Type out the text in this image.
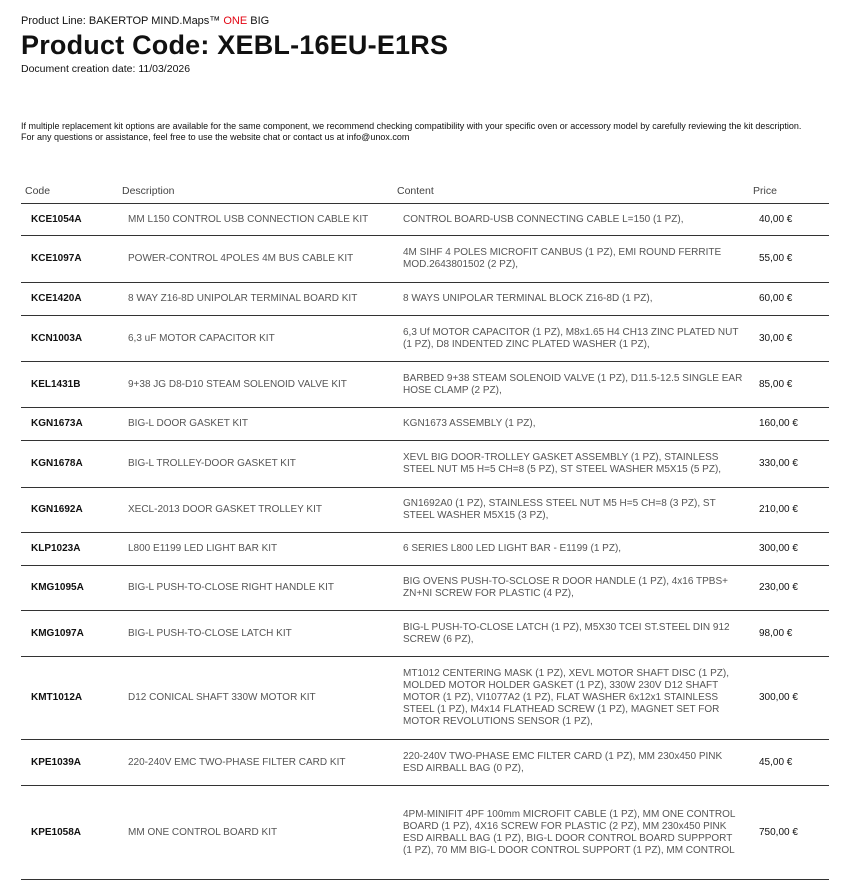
Product Line: BAKERTOP MIND.Maps™ ONE BIG
Product Code: XEBL-16EU-E1RS
Document creation date: 11/03/2026
If multiple replacement kit options are available for the same component, we recommend checking compatibility with your specific oven or accessory model by carefully reviewing the kit description.
For any questions or assistance, feel free to use the website chat or contact us at info@unox.com
Code	Description	Content	Price
KCE1054A	MM L150 CONTROL USB CONNECTION CABLE KIT	CONTROL BOARD-USB CONNECTING CABLE L=150 (1 PZ),	40,00 €
KCE1097A	POWER-CONTROL 4POLES 4M BUS CABLE KIT	4M SIHF 4 POLES MICROFIT CANBUS (1 PZ), EMI ROUND FERRITE MOD.2643801502 (2 PZ),	55,00 €
KCE1420A	8 WAY Z16-8D UNIPOLAR TERMINAL BOARD KIT	8 WAYS UNIPOLAR TERMINAL BLOCK Z16-8D (1 PZ),	60,00 €
KCN1003A	6,3 uF MOTOR CAPACITOR KIT	6,3 Uf MOTOR CAPACITOR (1 PZ), M8x1.65 H4 CH13 ZINC PLATED NUT (1 PZ), D8 INDENTED ZINC PLATED WASHER (1 PZ),	30,00 €
KEL1431B	9+38 JG D8-D10 STEAM SOLENOID VALVE KIT	BARBED 9+38 STEAM SOLENOID VALVE (1 PZ), D11.5-12.5 SINGLE EAR HOSE CLAMP (2 PZ),	85,00 €
KGN1673A	BIG-L DOOR GASKET KIT	KGN1673 ASSEMBLY (1 PZ),	160,00 €
KGN1678A	BIG-L TROLLEY-DOOR GASKET KIT	XEVL BIG DOOR-TROLLEY GASKET ASSEMBLY (1 PZ), STAINLESS STEEL NUT M5 H=5 CH=8 (5 PZ), ST STEEL WASHER M5X15 (5 PZ),	330,00 €
KGN1692A	XECL-2013 DOOR GASKET TROLLEY KIT	GN1692A0 (1 PZ), STAINLESS STEEL NUT M5 H=5 CH=8 (3 PZ), ST STEEL WASHER M5X15 (3 PZ),	210,00 €
KLP1023A	L800 E1199 LED LIGHT BAR KIT	6 SERIES L800 LED LIGHT BAR - E1199 (1 PZ),	300,00 €
KMG1095A	BIG-L PUSH-TO-CLOSE RIGHT HANDLE KIT	BIG OVENS PUSH-TO-SCLOSE R DOOR HANDLE (1 PZ), 4x16 TPBS+ ZN+NI SCREW FOR PLASTIC (4 PZ),	230,00 €
KMG1097A	BIG-L PUSH-TO-CLOSE LATCH KIT	BIG-L PUSH-TO-CLOSE LATCH (1 PZ), M5X30 TCEI ST.STEEL DIN 912 SCREW (6 PZ),	98,00 €
KMT1012A	D12 CONICAL SHAFT 330W MOTOR KIT	MT1012 CENTERING MASK (1 PZ), XEVL MOTOR SHAFT DISC (1 PZ), MOLDED MOTOR HOLDER GASKET (1 PZ), 330W 230V D12 SHAFT MOTOR (1 PZ), VI1077A2 (1 PZ), FLAT WASHER 6x12x1 STAINLESS STEEL (1 PZ), M4x14 FLATHEAD SCREW (1 PZ), MAGNET SET FOR MOTOR REVOLUTIONS SENSOR (1 PZ),	300,00 €
KPE1039A	220-240V EMC TWO-PHASE FILTER CARD KIT	220-240V TWO-PHASE EMC FILTER CARD (1 PZ), MM 230x450 PINK ESD AIRBALL BAG (0 PZ),	45,00 €
KPE1058A	MM ONE CONTROL BOARD KIT	4PM-MINIFIT 4PF 100mm MICROFIT CABLE (1 PZ), MM ONE CONTROL BOARD (1 PZ), 4X16 SCREW FOR PLASTIC (2 PZ), MM 230x450 PINK ESD AIRBALL BAG (1 PZ), BIG-L DOOR CONTROL BOARD SUPPPORT (1 PZ), 70 MM BIG-L DOOR CONTROL SUPPORT (1 PZ), MM CONTROL	750,00 €
